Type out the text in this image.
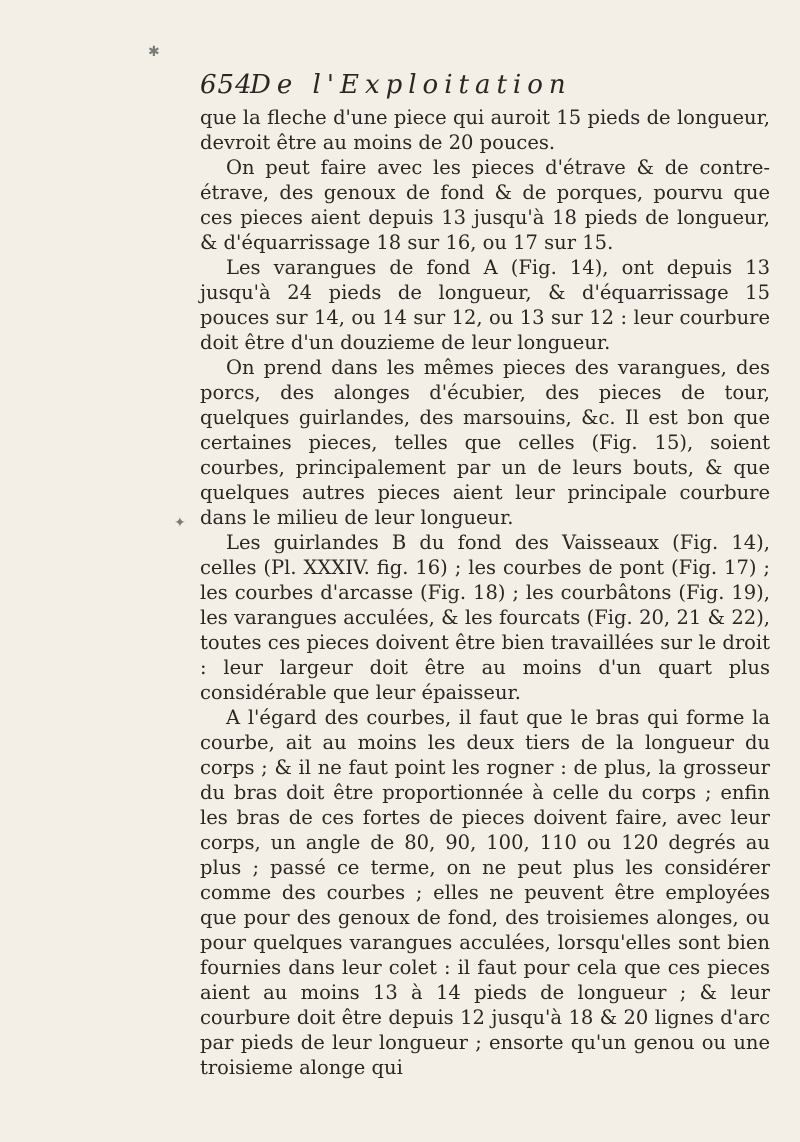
✱
✦
654
De l'Exploitation

que la fleche d'une piece qui auroit 15 pieds de longueur, devroit être au moins de 20 pouces.

On peut faire avec les pieces d'étrave & de contre-étrave, des genoux de fond & de porques, pourvu que ces pieces aient depuis 13 jusqu'à 18 pieds de longueur, & d'équarrissage 18 sur 16, ou 17 sur 15.

Les varangues de fond A (Fig. 14), ont depuis 13 jusqu'à 24 pieds de longueur, & d'équarrissage 15 pouces sur 14, ou 14 sur 12, ou 13 sur 12 : leur courbure doit être d'un douzieme de leur longueur.

On prend dans les mêmes pieces des varangues, des porcs, des alonges d'écubier, des pieces de tour, quelques guirlandes, des marsouins, &c. Il est bon que certaines pieces, telles que celles (Fig. 15), soient courbes, principalement par un de leurs bouts, & que quelques autres pieces aient leur principale courbure dans le milieu de leur longueur.

Les guirlandes B du fond des Vaisseaux (Fig. 14), celles (Pl. XXXIV. fig. 16) ; les courbes de pont (Fig. 17) ; les courbes d'arcasse (Fig. 18) ; les courbâtons (Fig. 19), les varangues acculées, & les fourcats (Fig. 20, 21 & 22), toutes ces pieces doivent être bien travaillées sur le droit : leur largeur doit être au moins d'un quart plus considérable que leur épaisseur.

A l'égard des courbes, il faut que le bras qui forme la courbe, ait au moins les deux tiers de la longueur du corps ; & il ne faut point les rogner : de plus, la grosseur du bras doit être proportionnée à celle du corps ; enfin les bras de ces fortes de pieces doivent faire, avec leur corps, un angle de 80, 90, 100, 110 ou 120 degrés au plus ; passé ce terme, on ne peut plus les considérer comme des courbes ; elles ne peuvent être employées que pour des genoux de fond, des troisiemes alonges, ou pour quelques varangues acculées, lorsqu'elles sont bien fournies dans leur colet : il faut pour cela que ces pieces aient au moins 13 à 14 pieds de longueur ; & leur courbure doit être depuis 12 jusqu'à 18 & 20 lignes d'arc par pieds de leur longueur ; ensorte qu'un genou ou une troisieme alonge qui
